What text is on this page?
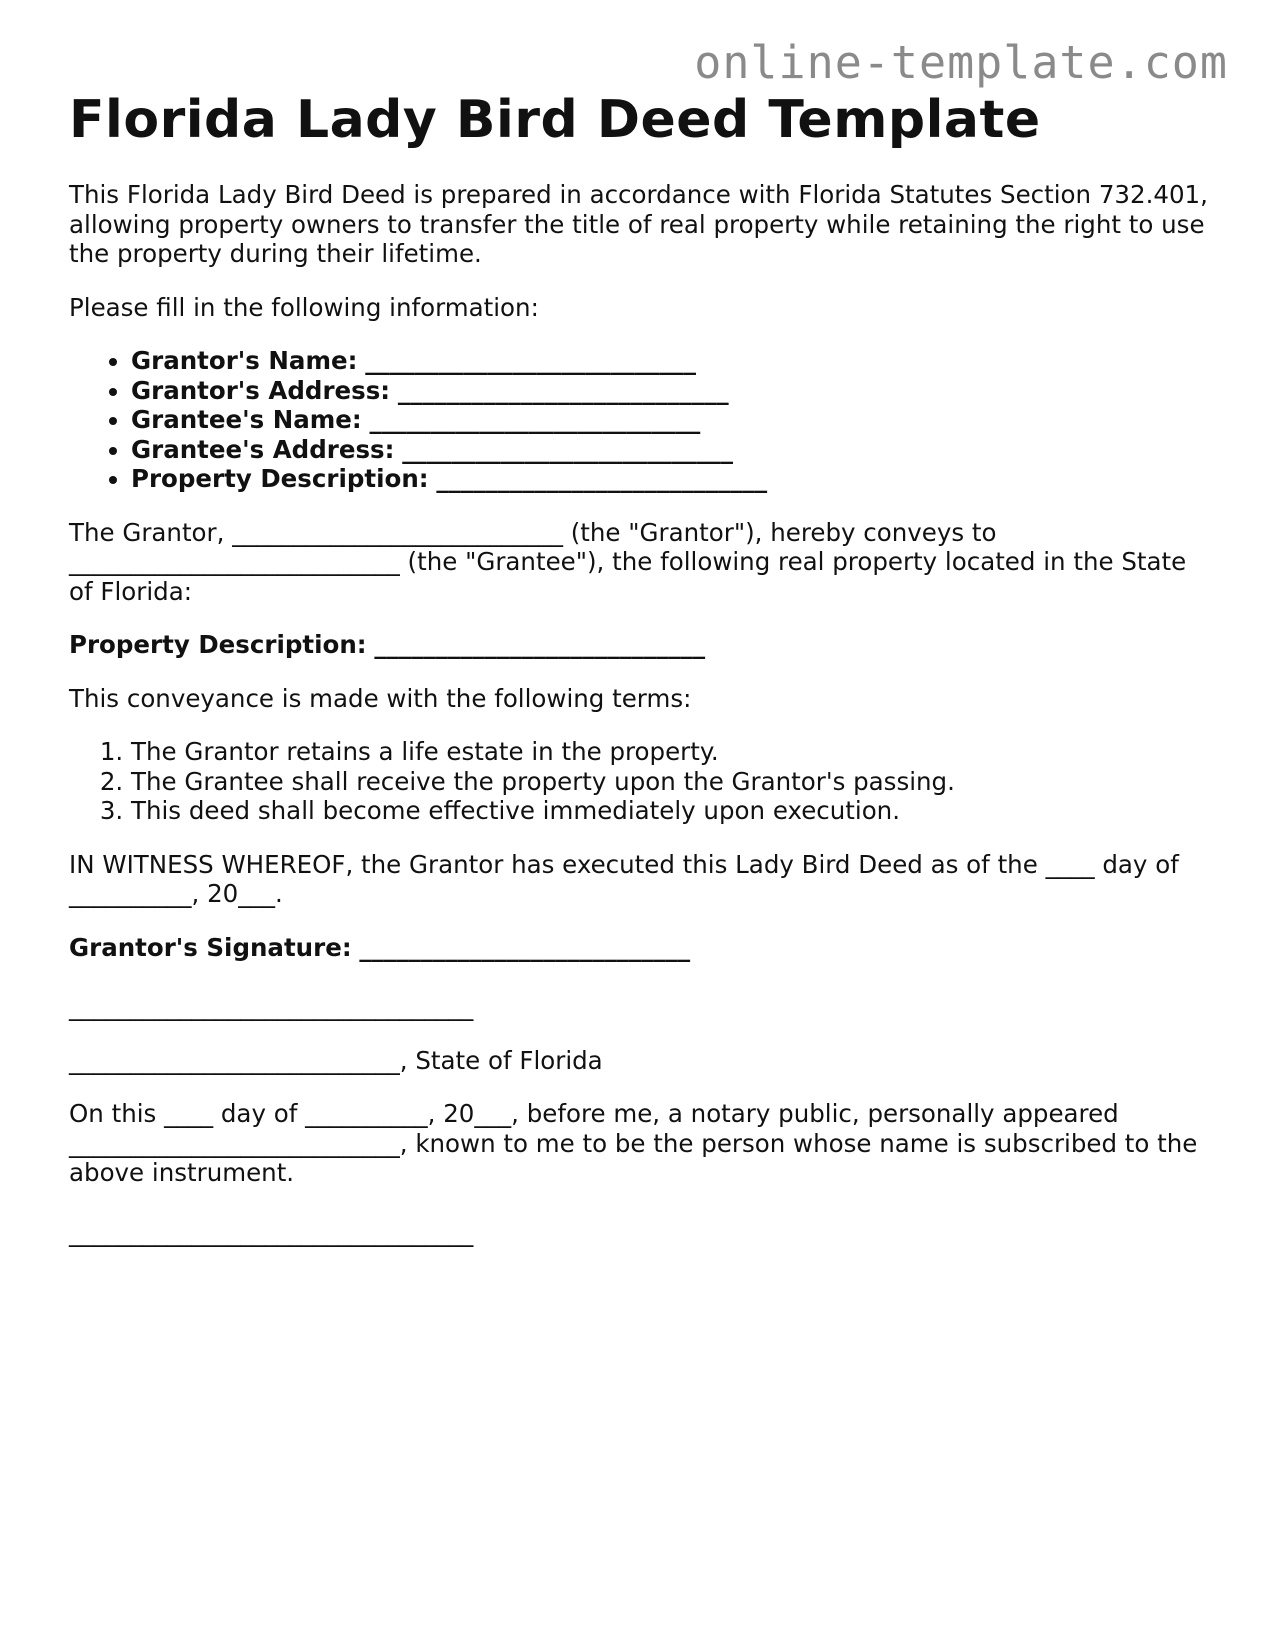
online-template.com
Florida Lady Bird Deed Template

This Florida Lady Bird Deed is prepared in accordance with Florida Statutes Section 732.401, allowing property owners to transfer the title of real property while retaining the right to use the property during their lifetime.

Please fill in the following information:

• Grantor's Name: ___________________________
• Grantor's Address: ___________________________
• Grantee's Name: ___________________________
• Grantee's Address: ___________________________
• Property Description: ___________________________

The Grantor, ___________________________ (the "Grantor"), hereby conveys to ___________________________ (the "Grantee"), the following real property located in the State of Florida:

Property Description: ___________________________

This conveyance is made with the following terms:

1. The Grantor retains a life estate in the property.
2. The Grantee shall receive the property upon the Grantor's passing.
3. This deed shall become effective immediately upon execution.

IN WITNESS WHEREOF, the Grantor has executed this Lady Bird Deed as of the ____ day of __________, 20___.

Grantor's Signature: ___________________________

_________________________________
___________________________, State of Florida

On this ____ day of __________, 20___, before me, a notary public, personally appeared ___________________________, known to me to be the person whose name is subscribed to the above instrument.

_________________________________
